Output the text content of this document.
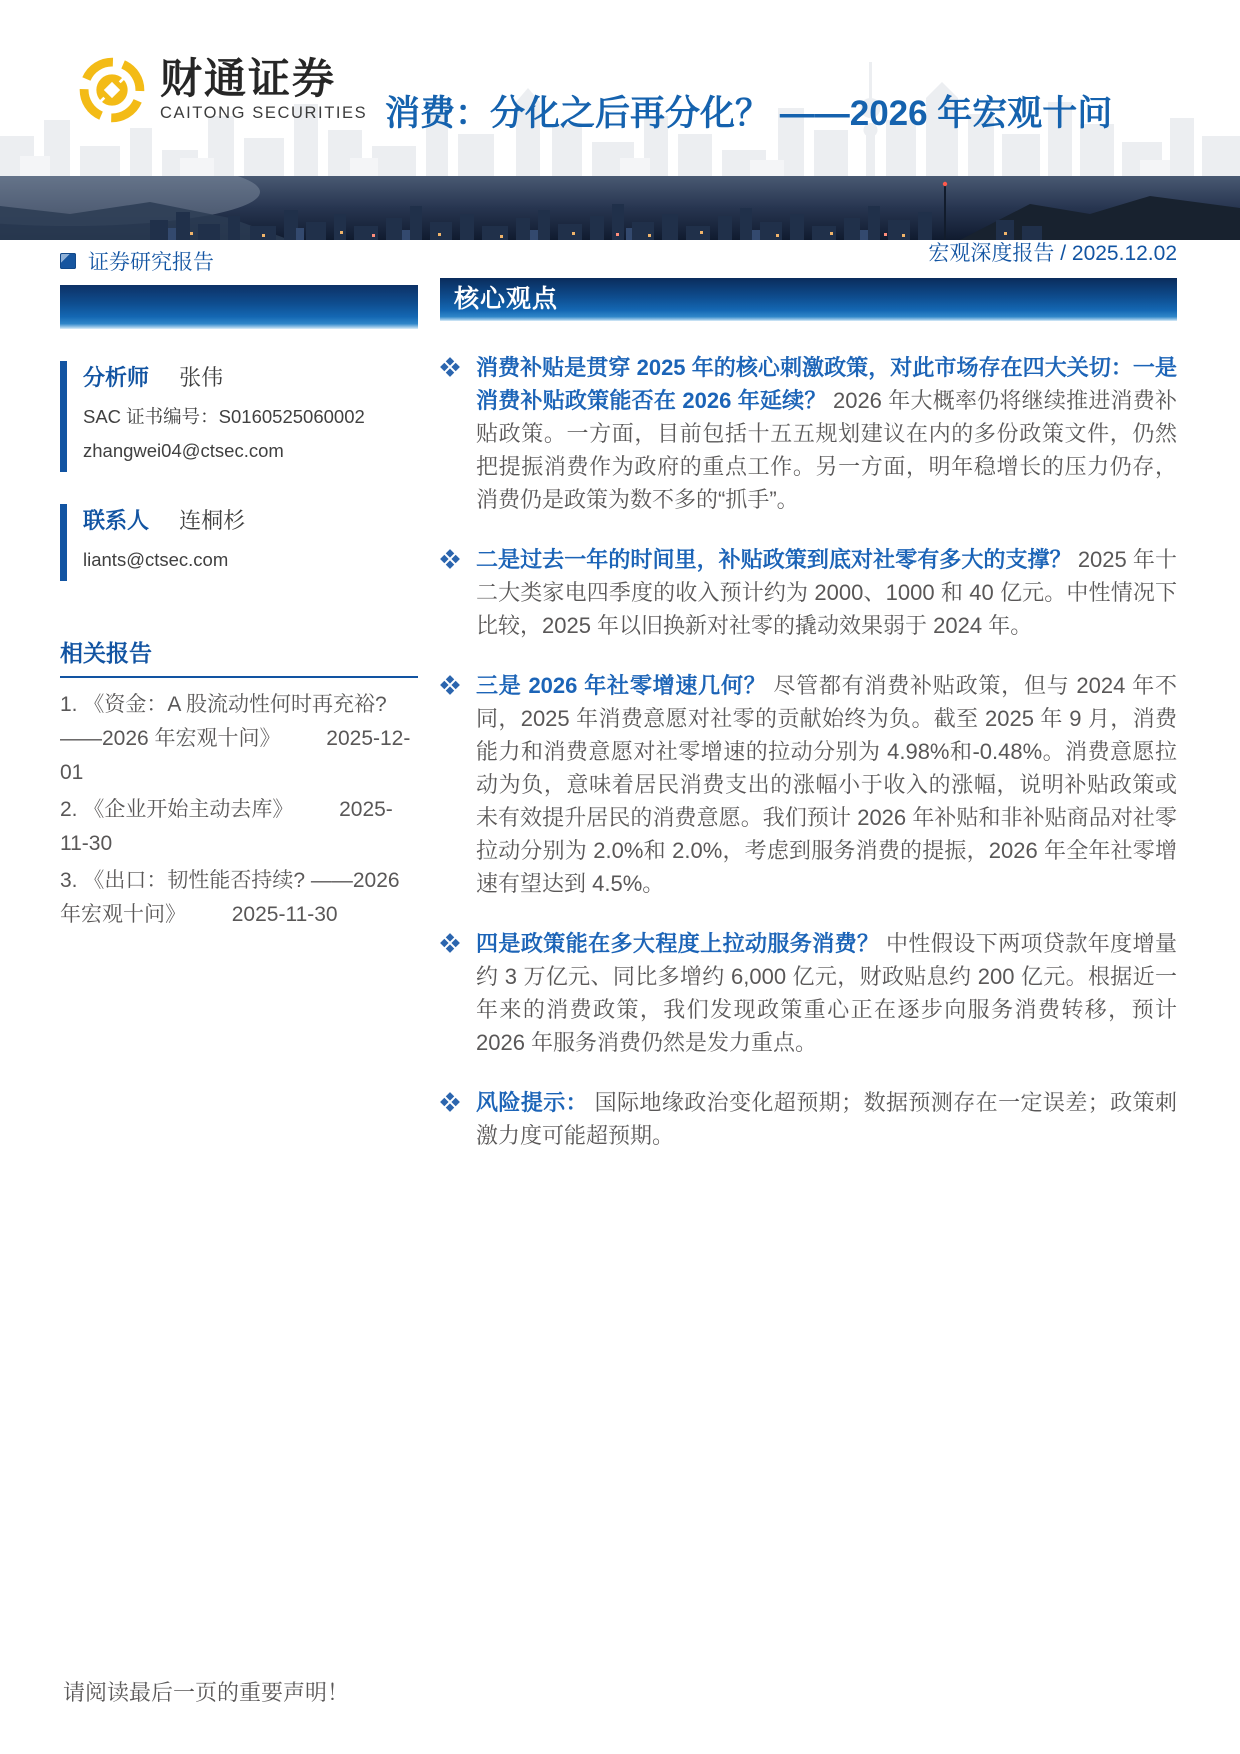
财通证券
CAITONG SECURITIES 消费：分化之后再分化？ ——2026 年宏观十问
证券研究报告
分析师 张伟
SAC 证书编号：S0160525060002
zhangwei04@ctsec.com
联系人 连桐杉
liants@ctsec.com
相关报告
1. 《资金：A 股流动性何时再充裕? ——2026 年宏观十问》 2025-12-01
2. 《企业开始主动去库》 2025-11-30
3. 《出口：韧性能否持续? ——2026 年宏观十问》 2025-11-30
宏观深度报告 / 2025.12.02
核心观点
消费补贴是贯穿 2025 年的核心刺激政策，对此市场存在四大关切：一是消费补贴政策能否在 2026 年延续？ 2026 年大概率仍将继续推进消费补贴政策。一方面，目前包括十五五规划建议在内的多份政策文件，仍然把提振消费作为政府的重点工作。另一方面，明年稳增长的压力仍存，消费仍是政策为数不多的“抓手”。
二是过去一年的时间里，补贴政策到底对社零有多大的支撑？ 2025 年十二大类家电四季度的收入预计约为 2000、1000 和 40 亿元。中性情况下比较，2025 年以旧换新对社零的撬动效果弱于 2024 年。
三是 2026 年社零增速几何？ 尽管都有消费补贴政策，但与 2024 年不同，2025 年消费意愿对社零的贡献始终为负。截至 2025 年 9 月，消费能力和消费意愿对社零增速的拉动分别为 4.98%和-0.48%。消费意愿拉动为负，意味着居民消费支出的涨幅小于收入的涨幅，说明补贴政策或未有效提升居民的消费意愿。我们预计 2026 年补贴和非补贴商品对社零拉动分别为 2.0%和 2.0%，考虑到服务消费的提振，2026 年全年社零增速有望达到 4.5%。
四是政策能在多大程度上拉动服务消费？ 中性假设下两项贷款年度增量约 3 万亿元、同比多增约 6,000 亿元，财政贴息约 200 亿元。根据近一年来的消费政策，我们发现政策重心正在逐步向服务消费转移，预计 2026 年服务消费仍然是发力重点。
风险提示： 国际地缘政治变化超预期；数据预测存在一定误差；政策刺激力度可能超预期。
请阅读最后一页的重要声明！
